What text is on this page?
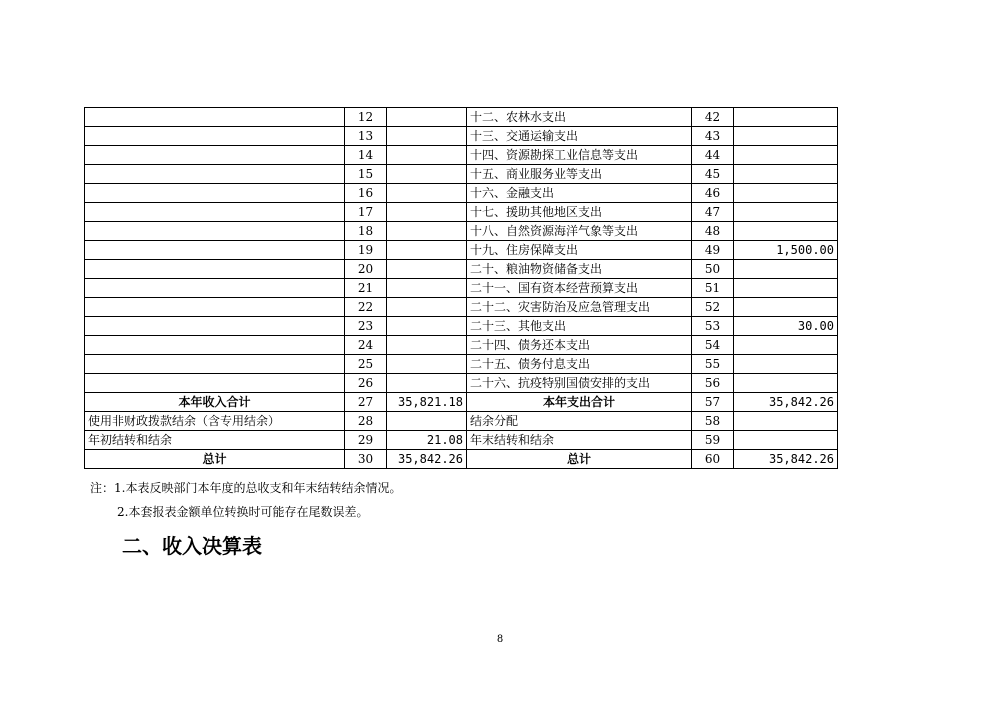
	12		十二、农林水支出	42	
	13		十三、交通运输支出	43	
	14		十四、资源勘探工业信息等支出	44	
	15		十五、商业服务业等支出	45	
	16		十六、金融支出	46	
	17		十七、援助其他地区支出	47	
	18		十八、自然资源海洋气象等支出	48	
	19		十九、住房保障支出	49	1,500.00
	20		二十、粮油物资储备支出	50	
	21		二十一、国有资本经营预算支出	51	
	22		二十二、灾害防治及应急管理支出	52	
	23		二十三、其他支出	53	30.00
	24		二十四、债务还本支出	54	
	25		二十五、债务付息支出	55	
	26		二十六、抗疫特别国债安排的支出	56	
本年收入合计	27	35,821.18	本年支出合计	57	35,842.26
使用非财政拨款结余（含专用结余）	28		结余分配	58	
年初结转和结余	29	21.08	年末结转和结余	59	
总计	30	35,842.26	总计	60	35,842.26
注：1.本表反映部门本年度的总收支和年末结转结余情况。
2.本套报表金额单位转换时可能存在尾数误差。
二、收入决算表
8
